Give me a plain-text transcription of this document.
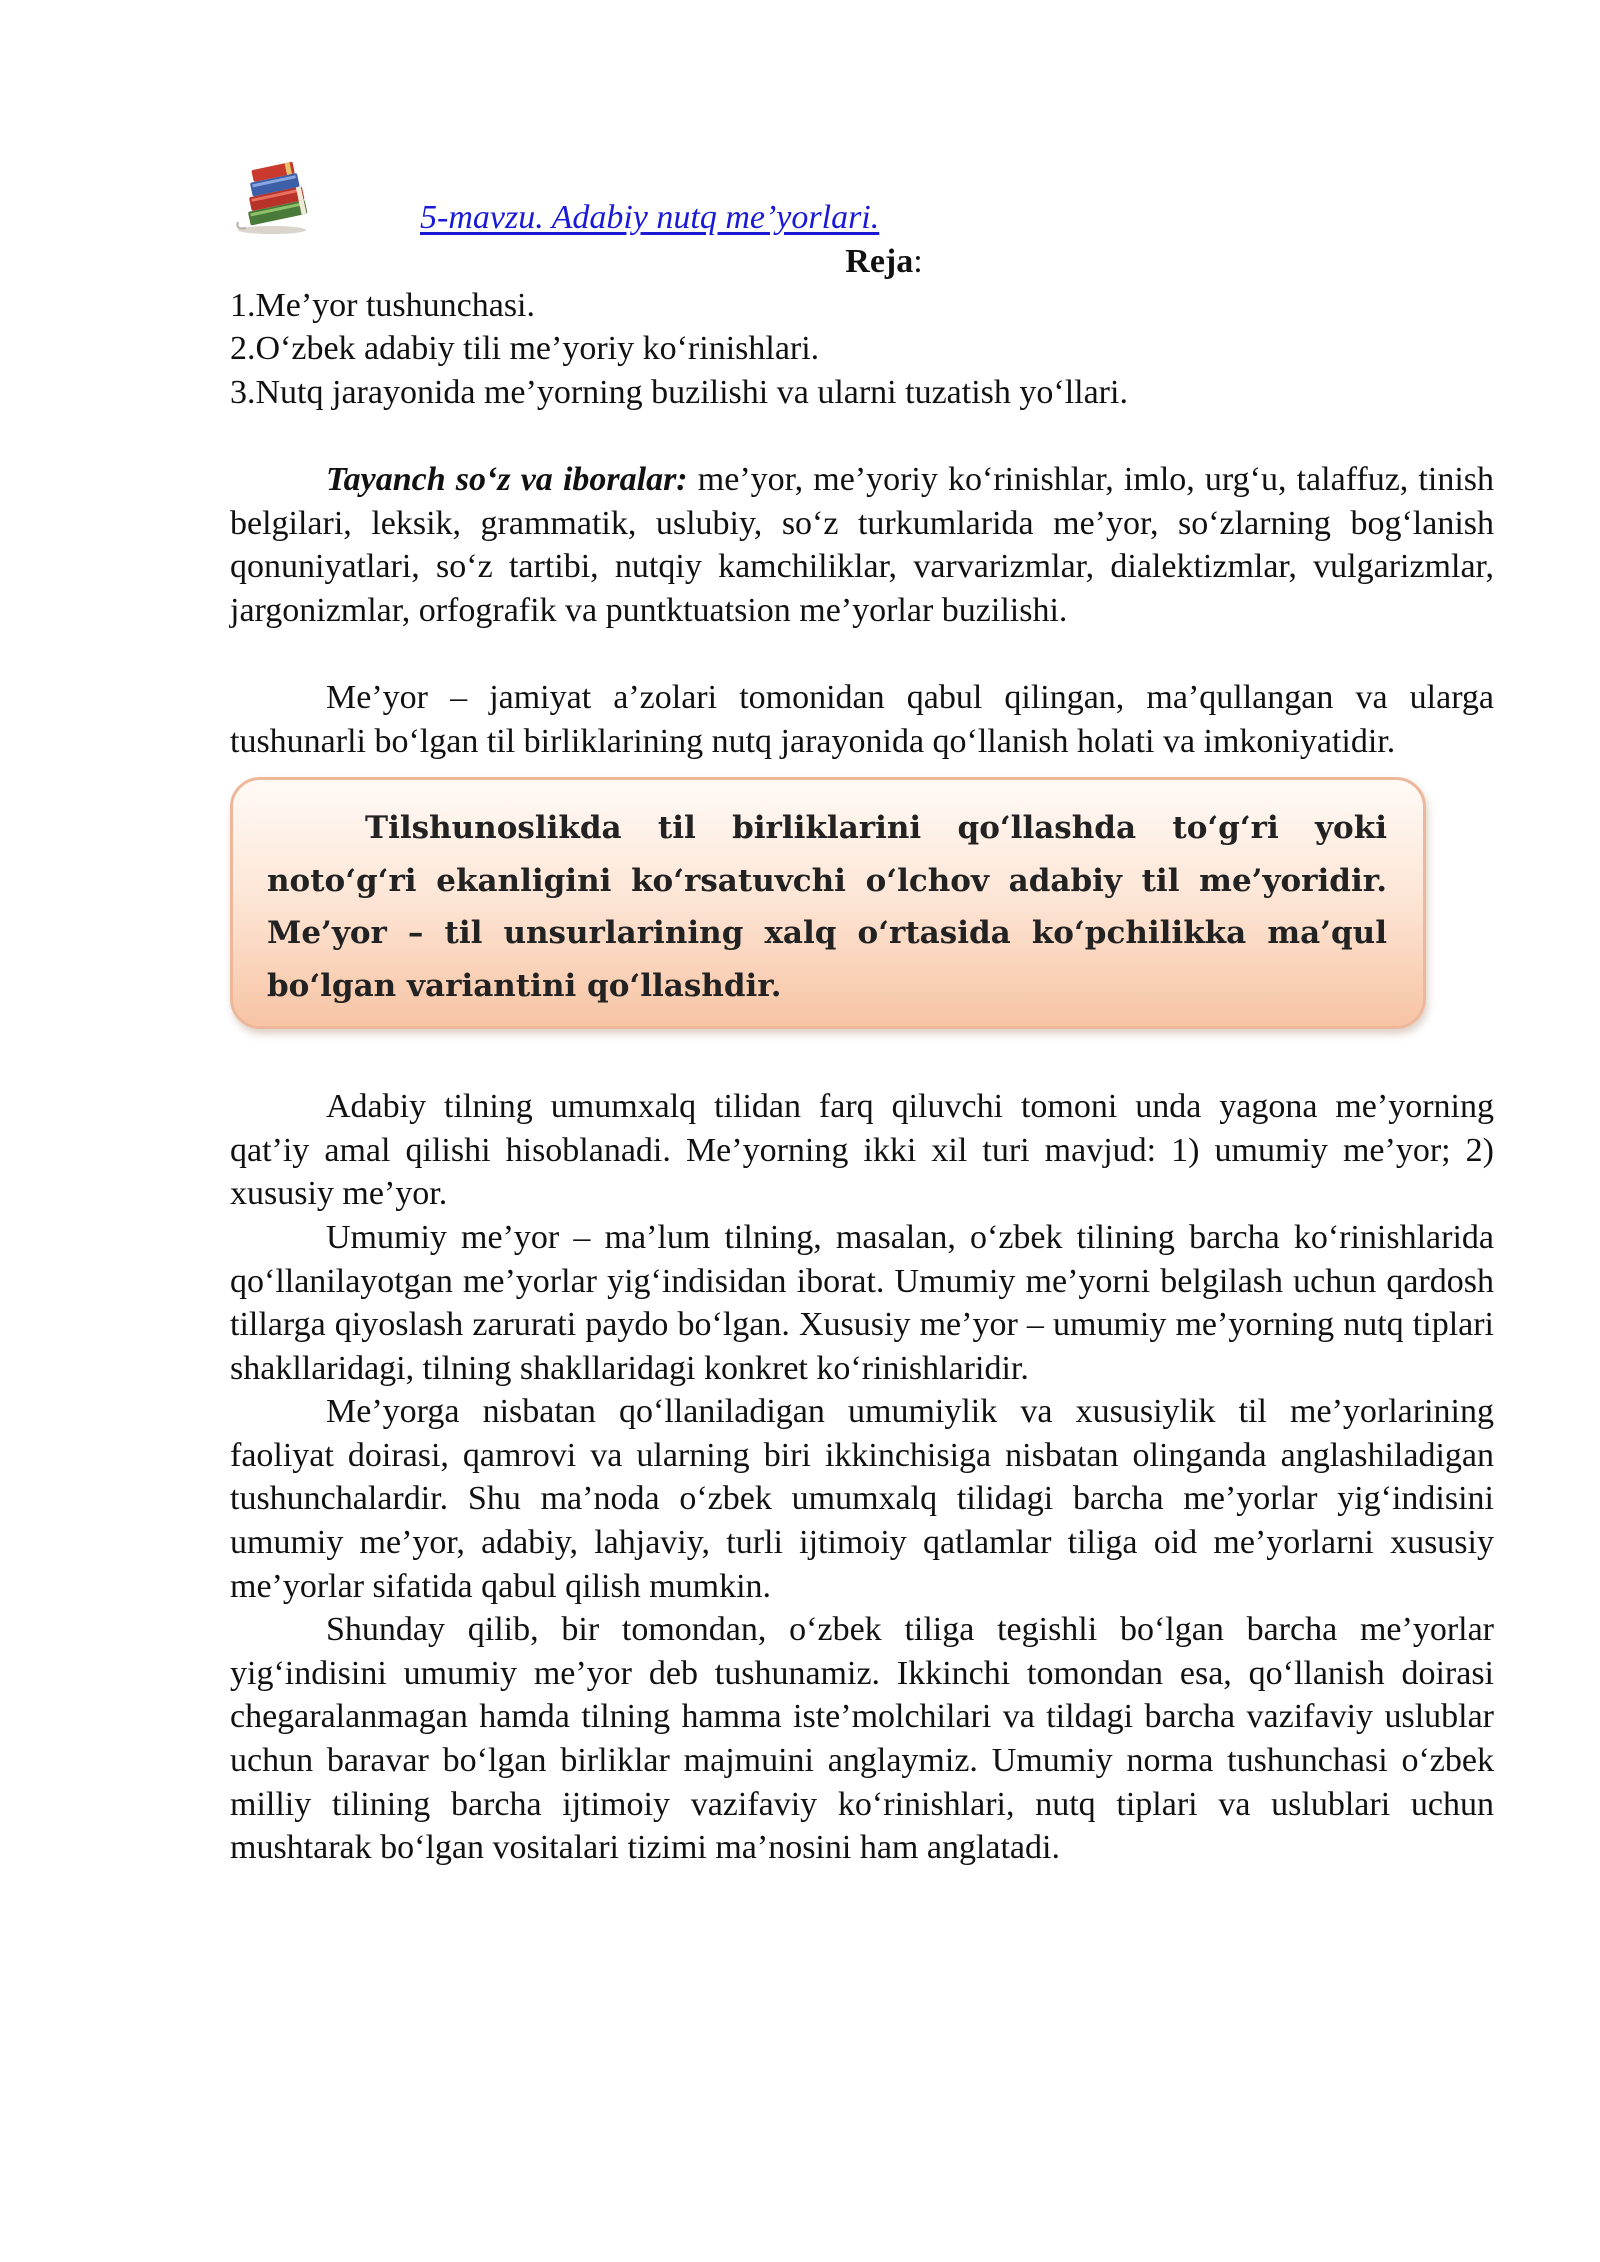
5-mavzu. Adabiy nutq me’yorlari.
Reja:
1.Me’yor tushunchasi.
2.O‘zbek adabiy tili me’yoriy ko‘rinishlari.
3.Nutq jarayonida me’yorning buzilishi va ularni tuzatish yo‘llari.

Tayanch so‘z va iboralar: me’yor, me’yoriy ko‘rinishlar, imlo, urg‘u, talaffuz, tinish belgilari, leksik, grammatik, uslubiy, so‘z turkumlarida me’yor, so‘zlarning bog‘lanish qonuniyatlari, so‘z tartibi, nutqiy kamchiliklar, varvarizmlar, dialektizmlar, vulgarizmlar, jargonizmlar, orfografik va puntktuatsion me’yorlar buzilishi.

Me’yor – jamiyat a’zolari tomonidan qabul qilingan, ma’qullangan va ularga tushunarli bo‘lgan til birliklarining nutq jarayonida qo‘llanish holati va imkoniyatidir.

Tilshunoslikda til birliklarini qo‘llashda to‘g‘ri yoki noto‘g‘ri ekanligini ko‘rsatuvchi o‘lchov adabiy til me’yoridir. Me’yor – til unsurlarining xalq o‘rtasida ko‘pchilikka ma’qul bo‘lgan variantini qo‘llashdir.

Adabiy tilning umumxalq tilidan farq qiluvchi tomoni unda yagona me’yorning qat’iy amal qilishi hisoblanadi. Me’yorning ikki xil turi mavjud: 1) umumiy me’yor; 2) xususiy me’yor.

Umumiy me’yor – ma’lum tilning, masalan, o‘zbek tilining barcha ko‘rinishlarida qo‘llanilayotgan me’yorlar yig‘indisidan iborat. Umumiy me’yorni belgilash uchun qardosh tillarga qiyoslash zarurati paydo bo‘lgan. Xususiy me’yor – umumiy me’yorning nutq tiplari shakllaridagi, tilning shakllaridagi konkret ko‘rinishlaridir.

Me’yorga nisbatan qo‘llaniladigan umumiylik va xususiylik til me’yorlarining faoliyat doirasi, qamrovi va ularning biri ikkinchisiga nisbatan olinganda anglashiladigan tushunchalardir. Shu ma’noda o‘zbek umumxalq tilidagi barcha me’yorlar yig‘indisini umumiy me’yor, adabiy, lahjaviy, turli ijtimoiy qatlamlar tiliga oid me’yorlarni xususiy me’yorlar sifatida qabul qilish mumkin.

Shunday qilib, bir tomondan, o‘zbek tiliga tegishli bo‘lgan barcha me’yorlar yig‘indisini umumiy me’yor deb tushunamiz. Ikkinchi tomondan esa, qo‘llanish doirasi chegaralanmagan hamda tilning hamma iste’molchilari va tildagi barcha vazifaviy uslublar uchun baravar bo‘lgan birliklar majmuini anglaymiz. Umumiy norma tushunchasi o‘zbek milliy tilining barcha ijtimoiy vazifaviy ko‘rinishlari, nutq tiplari va uslublari uchun mushtarak bo‘lgan vositalari tizimi ma’nosini ham anglatadi.
